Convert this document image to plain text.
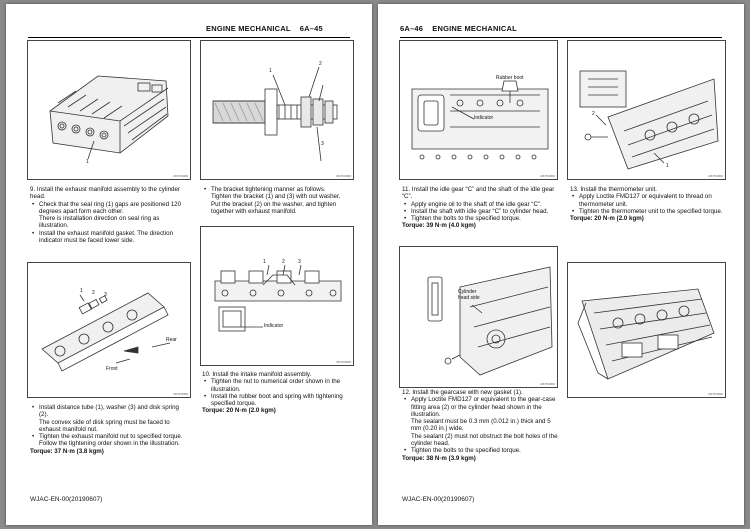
ENGINE MECHANICAL 6A–45
1
M1TF0000
1
2
3
M1TF0000

9. Install the exhaust manifold assembly to the cylinder head.

• Check that the seal ring (1) gaps are positioned 120 degrees apart form each other.

There is installation direction on seal ring as illustration.

• Install the exhaust manifold gasket. The direction indicator must be faced lower side.
• The bracket tightening manner as follows.

Tighten the bracket (1) and (3) with out washer.

Put the bracket (2) on the washer, and tighten together with exhaust manifold.

1	2	3
Indicator
M1TF0000
1 2 3
Rear
Front
M1TF0000

10. Install the intake manifold assembly.

• Tighten the nut to numerical order shown in the illustration.
• Install the rubber boot and spring with tightening specified torque.

Torque: 20 N·m (2.0 kgm)

• Install distance tube (1), washer (3) and disk spring (2).

The convex side of disk spring must be faced to exhaust manifold nut.

• Tighten the exhaust manifold nut to specified torque. Follow the tightening order shown in the illustration.

Torque: 37 N·m (3.8 kgm)

WJAC-EN-00(20190607)
6A–46 ENGINE MECHANICAL
Rubber boot
Indicator
M1TF0000
2
1
M1TF0000

11. Install the idle gear “C” and the shaft of the idle gear “C”.

• Apply engine oil to the shaft of the idle gear “C”.
• Install the shaft with idle gear “C” to cylinder head.
• Tighten the bolts to the specified torque.

Torque: 39 N·m (4.0 kgm)

13. Install the thermometer unit.

• Apply Loctite FMD127 or equivalent to thread on thermometer unit.
• Tighten the thermometer unit to the specified torque.

Torque: 20 N·m (2.0 kgm)

Cylinder head side
M1TF0000
M1TF0000

12. Install the gearcase with new gasket (1).

• Apply Loctite FMD127 or equivalent to the gear-case fitting area (2) or the cylinder head shown in the illustration.

The sealant must be 0.3 mm (0.012 in.) thick and 5 mm (0.20 in.) wide.

The sealant (2) must not obstruct the bolt holes of the cylinder head.

• Tighten the bolts to the specified torque.

Torque: 38 N·m (3.9 kgm)

WJAC-EN-00(20190607)
